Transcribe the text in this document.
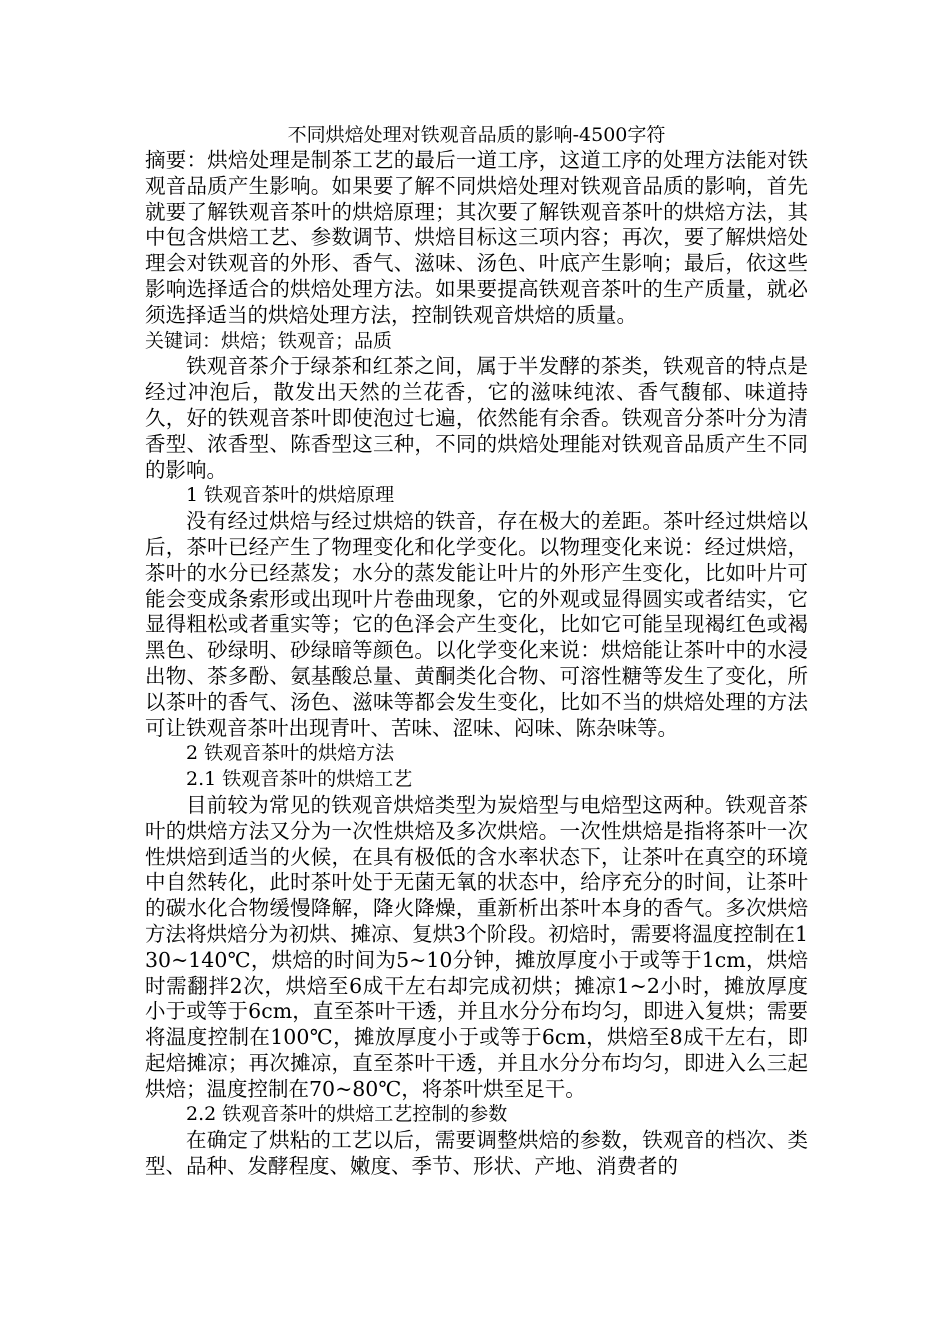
不同烘焙处理对铁观音品质的影响-4500字符

摘要：烘焙处理是制茶工艺的最后一道工序，这道工序的处理方法能对铁观音品质产生影响。如果要了解不同烘焙处理对铁观音品质的影响，首先就要了解铁观音茶叶的烘焙原理；其次要了解铁观音茶叶的烘焙方法，其中包含烘焙工艺、参数调节、烘焙目标这三项内容；再次，要了解烘焙处理会对铁观音的外形、香气、滋味、汤色、叶底产生影响；最后，依这些影响选择适合的烘焙处理方法。如果要提高铁观音茶叶的生产质量，就必须选择适当的烘焙处理方法，控制铁观音烘焙的质量。

关键词：烘焙；铁观音；品质

铁观音茶介于绿茶和红茶之间，属于半发酵的茶类，铁观音的特点是经过冲泡后，散发出天然的兰花香，它的滋味纯浓、香气馥郁、味道持久，好的铁观音茶叶即使泡过七遍，依然能有余香。铁观音分茶叶分为清香型、浓香型、陈香型这三种，不同的烘焙处理能对铁观音品质产生不同的影响。

1 铁观音茶叶的烘焙原理

没有经过烘焙与经过烘焙的铁音，存在极大的差距。茶叶经过烘焙以后，茶叶已经产生了物理变化和化学变化。以物理变化来说：经过烘焙，茶叶的水分已经蒸发；水分的蒸发能让叶片的外形产生变化，比如叶片可能会变成条索形或出现叶片卷曲现象，它的外观或显得圆实或者结实，它显得粗松或者重实等；它的色泽会产生变化，比如它可能呈现褐红色或褐黑色、砂绿明、砂绿暗等颜色。以化学变化来说：烘焙能让茶叶中的水浸出物、茶多酚、氨基酸总量、黄酮类化合物、可溶性糖等发生了变化，所以茶叶的香气、汤色、滋味等都会发生变化，比如不当的烘焙处理的方法可让铁观音茶叶出现青叶、苦味、涩味、闷味、陈杂味等。

2 铁观音茶叶的烘焙方法

2.1 铁观音茶叶的烘焙工艺

目前较为常见的铁观音烘焙类型为炭焙型与电焙型这两种。铁观音茶叶的烘焙方法又分为一次性烘焙及多次烘焙。一次性烘焙是指将茶叶一次性烘焙到适当的火候，在具有极低的含水率状态下，让茶叶在真空的环境中自然转化，此时茶叶处于无菌无氧的状态中，给序充分的时间，让茶叶的碳水化合物缓慢降解，降火降燥，重新析出茶叶本身的香气。多次烘焙方法将烘焙分为初烘、摊凉、复烘3个阶段。初焙时，需要将温度控制在130~140℃，烘焙的时间为5~10分钟，摊放厚度小于或等于1cm，烘焙时需翻拌2次，烘焙至6成干左右却完成初烘；摊凉1~2小时，摊放厚度小于或等于6cm，直至茶叶干透，并且水分分布均匀，即进入复烘；需要将温度控制在100℃，摊放厚度小于或等于6cm，烘焙至8成干左右，即起焙摊凉；再次摊凉，直至茶叶干透，并且水分分布均匀，即进入么三起烘焙；温度控制在70~80℃，将茶叶烘至足干。

2.2 铁观音茶叶的烘焙工艺控制的参数

在确定了烘粘的工艺以后，需要调整烘焙的参数，铁观音的档次、类型、品种、发酵程度、嫩度、季节、形状、产地、消费者的
